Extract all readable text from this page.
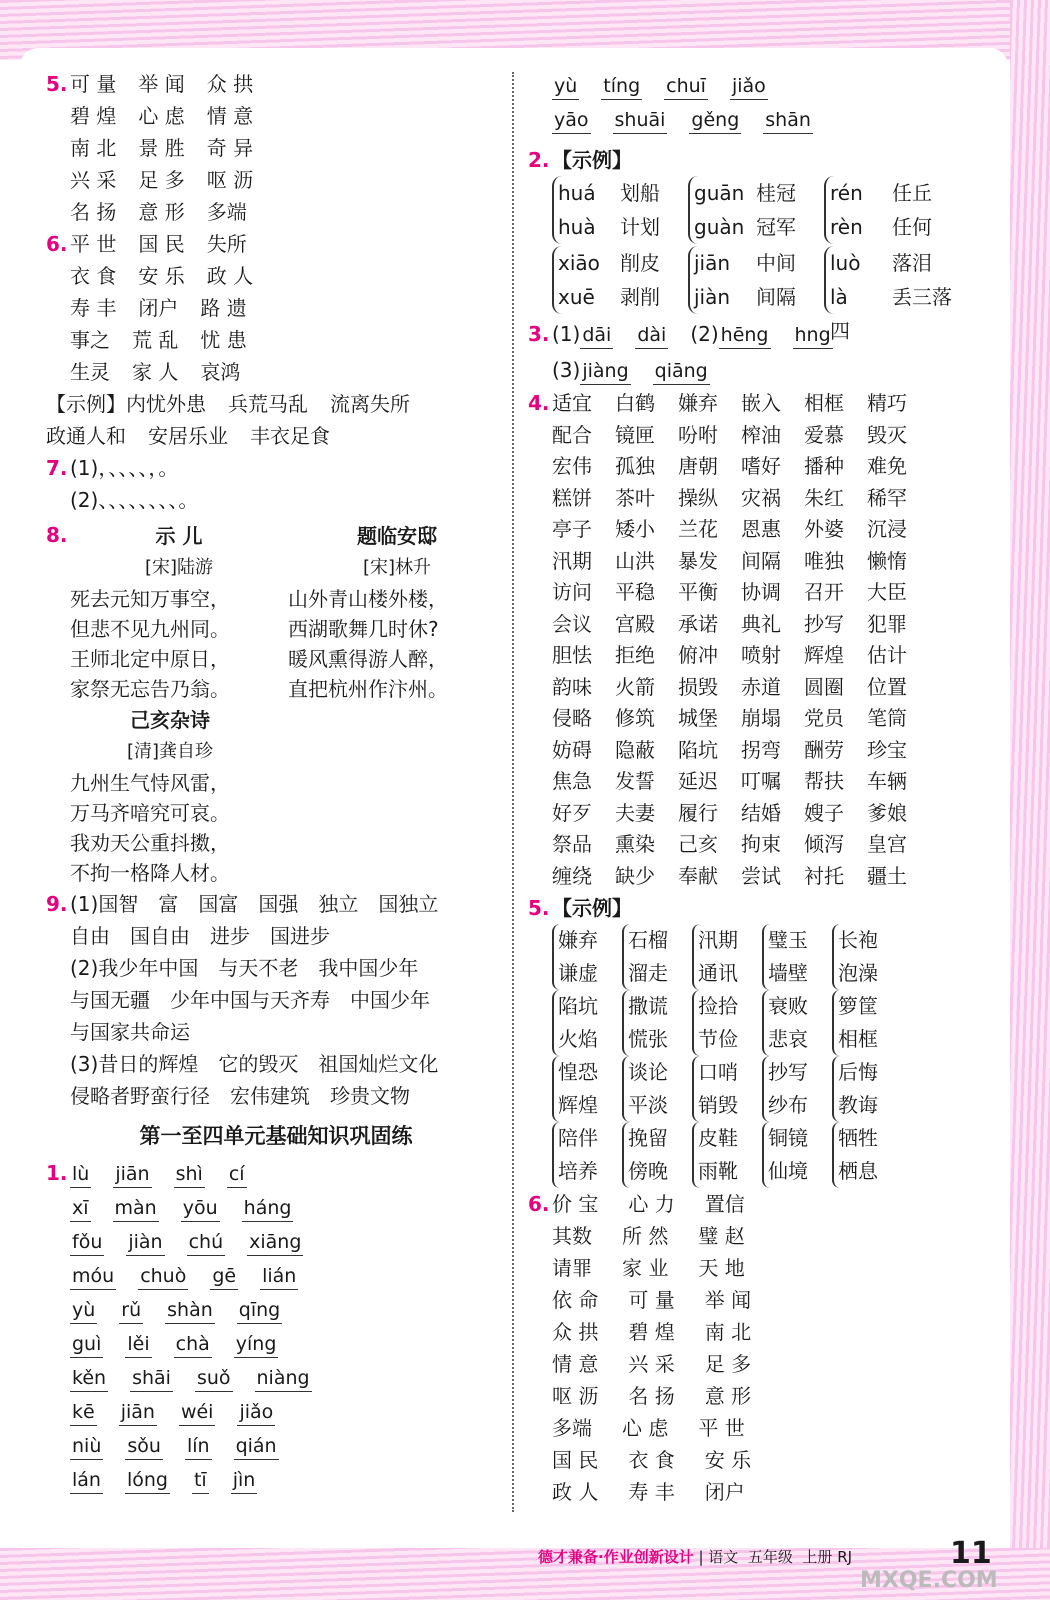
5. 可 量 举 闻 众 拱
碧 煌 心 虑 情 意
南 北 景 胜 奇 异
兴 采 足 多 呕 沥
名 扬 意 形 多端
6. 平 世 国 民 失所
衣 食 安 乐 政 人
寿 丰 闭户 路 遗
事之 荒 乱 忧 患
生灵 家 人 哀鸿
【示例】内忧外患 兵荒马乱 流离失所
政通人和 安居乐业 丰衣足食
7. (1)，、、、、，。
(2)、、、、、、、、。
8.	示 儿
[宋]陆游
死去元知万事空，
但悲不见九州同。
王师北定中原日，
家祭无忘告乃翁。
题临安邸
[宋]林升
山外青山楼外楼，
西湖歌舞几时休?
暖风熏得游人醉，
直把杭州作汴州。
己亥杂诗
[清]龚自珍
九州生气恃风雷，
万马齐喑究可哀。
我劝天公重抖擞，
不拘一格降人材。
9. (1)国智　富　国富　国强　独立　国独立
自由　国自由　进步　国进步
(2)我少年中国　与天不老　我中国少年
与国无疆　少年中国与天齐寿　中国少年
与国家共命运
(3)昔日的辉煌　它的毁灭　祖国灿烂文化
侵略者野蛮行径　宏伟建筑　珍贵文物
第一至四单元基础知识巩固练
1. lù jiān shì cí
xī màn yōu háng
fǒu jiàn chú xiāng
móu chuò gē lián
yù rǔ shàn qīng
guì lěi chà yíng
kěn shāi suǒ niàng
kē jiān wéi jiǎo
niù sǒu lín qián
lán lóng tī jìn
yù tíng chuī jiǎo
yāo shuāi gěng shān
2. 【示例】
huá 划船
huà 计划
guān 桂冠
guàn 冠军
rén 任丘
rèn 任何
xiāo 削皮
xuē 剥削
jiān 中间
jiàn 间隔
luò 落泪
là 丢三落四
3. (1) dāi dài (2) hēng hng
(3) jiàng qiāng
4. 适宜 白鹤 嫌弃 嵌入 相框 精巧
配合 镜匣 吩咐 榨油 爱慕 毁灭
宏伟 孤独 唐朝 嗜好 播种 难免
糕饼 茶叶 操纵 灾祸 朱红 稀罕
亭子 矮小 兰花 恩惠 外婆 沉浸
汛期 山洪 暴发 间隔 唯独 懒惰
访问 平稳 平衡 协调 召开 大臣
会议 宫殿 承诺 典礼 抄写 犯罪
胆怯 拒绝 俯冲 喷射 辉煌 估计
韵味 火箭 损毁 赤道 圆圈 位置
侵略 修筑 城堡 崩塌 党员 笔筒
妨碍 隐蔽 陷坑 拐弯 酬劳 珍宝
焦急 发誓 延迟 叮嘱 帮扶 车辆
好歹 夫妻 履行 结婚 嫂子 爹娘
祭品 熏染 己亥 拘束 倾泻 皇宫
缠绕 缺少 奉献 尝试 衬托 疆土
5. 【示例】
嫌弃
谦虚
石榴
溜走
汛期
通讯
璧玉
墙壁
长袍
泡澡
陷坑
火焰
撒谎
慌张
捡拾
节俭
衰败
悲哀
箩筐
相框
惶恐
辉煌
谈论
平淡
口哨
销毁
抄写
纱布
后悔
教诲
陪伴
培养
挽留
傍晚
皮鞋
雨靴
铜镜
仙境
牺牲
栖息
6. 价 宝 心 力 置信
其数 所 然 璧 赵
请罪 家 业 天 地
依 命 可 量 举 闻
众 拱 碧 煌 南 北
情 意 兴 采 足 多
呕 沥 名 扬 意 形
多端 心 虑 平 世
国 民 衣 食 安 乐
政 人 寿 丰 闭户
德才兼备·作业创新设计 | 语文 五年级 上册 RJ	11
MXQE.COM
